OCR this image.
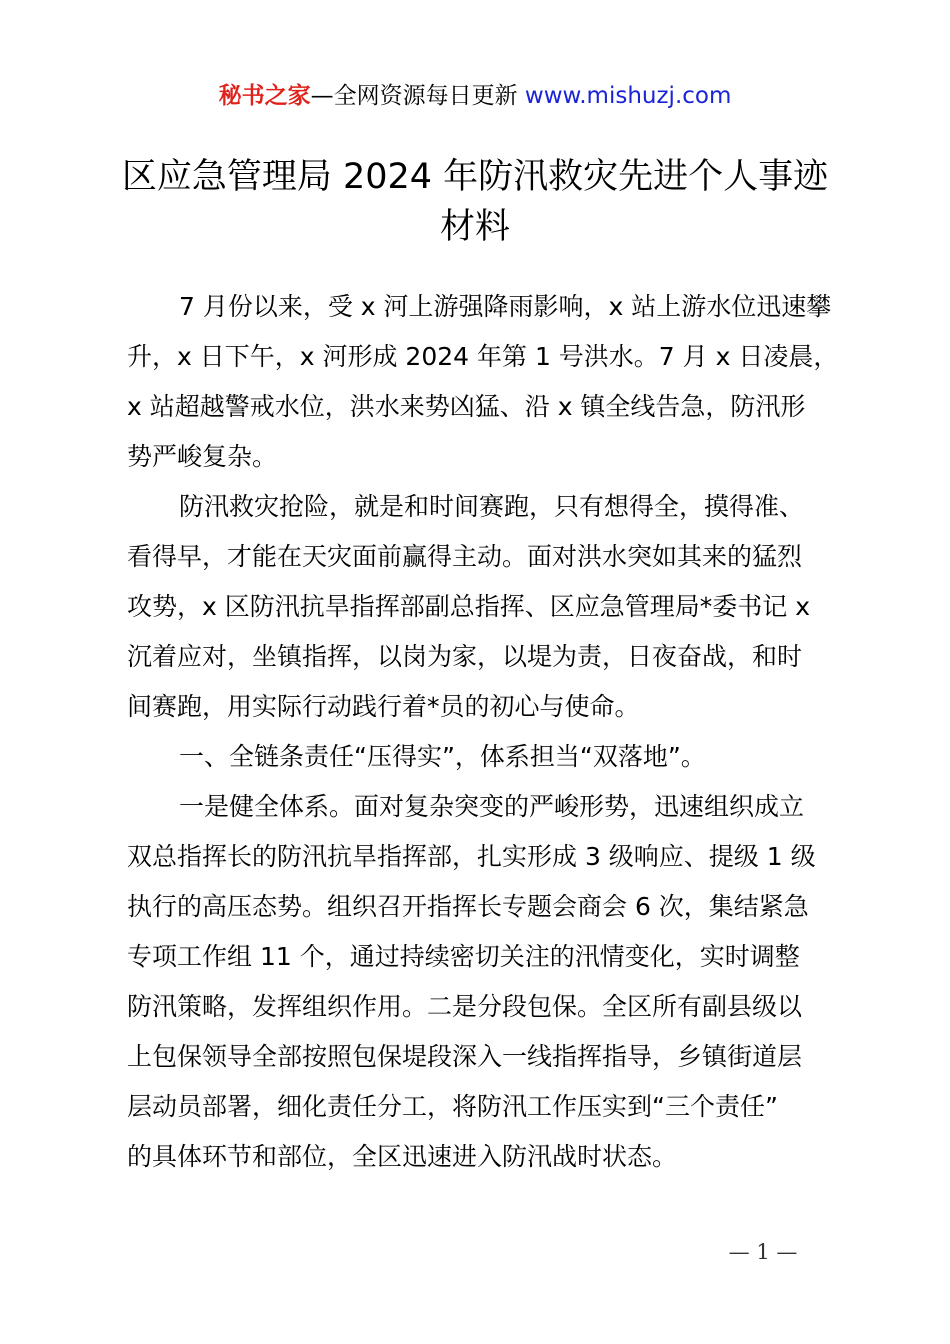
秘书之家—全网资源每日更新 www.mishuzj.com
区应急管理局 2024 年防汛救灾先进个人事迹
材料
7 月份以来，受 x 河上游强降雨影响，x 站上游水位迅速攀
升，x 日下午，x 河形成 2024 年第 1 号洪水。7 月 x 日凌晨，
x 站超越警戒水位，洪水来势凶猛、沿 x 镇全线告急，防汛形
势严峻复杂。
防汛救灾抢险，就是和时间赛跑，只有想得全，摸得准、
看得早，才能在天灾面前赢得主动。面对洪水突如其来的猛烈
攻势，x 区防汛抗旱指挥部副总指挥、区应急管理局*委书记 x
沉着应对，坐镇指挥，以岗为家，以堤为责，日夜奋战，和时
间赛跑，用实际行动践行着*员的初心与使命。
一、全链条责任“压得实”，体系担当“双落地”。
一是健全体系。面对复杂突变的严峻形势，迅速组织成立
双总指挥长的防汛抗旱指挥部，扎实形成 3 级响应、提级 1 级
执行的高压态势。组织召开指挥长专题会商会 6 次，集结紧急
专项工作组 11 个，通过持续密切关注的汛情变化，实时调整
防汛策略，发挥组织作用。二是分段包保。全区所有副县级以
上包保领导全部按照包保堤段深入一线指挥指导，乡镇街道层
层动员部署，细化责任分工，将防汛工作压实到“三个责任”
的具体环节和部位，全区迅速进入防汛战时状态。
— 1 —
